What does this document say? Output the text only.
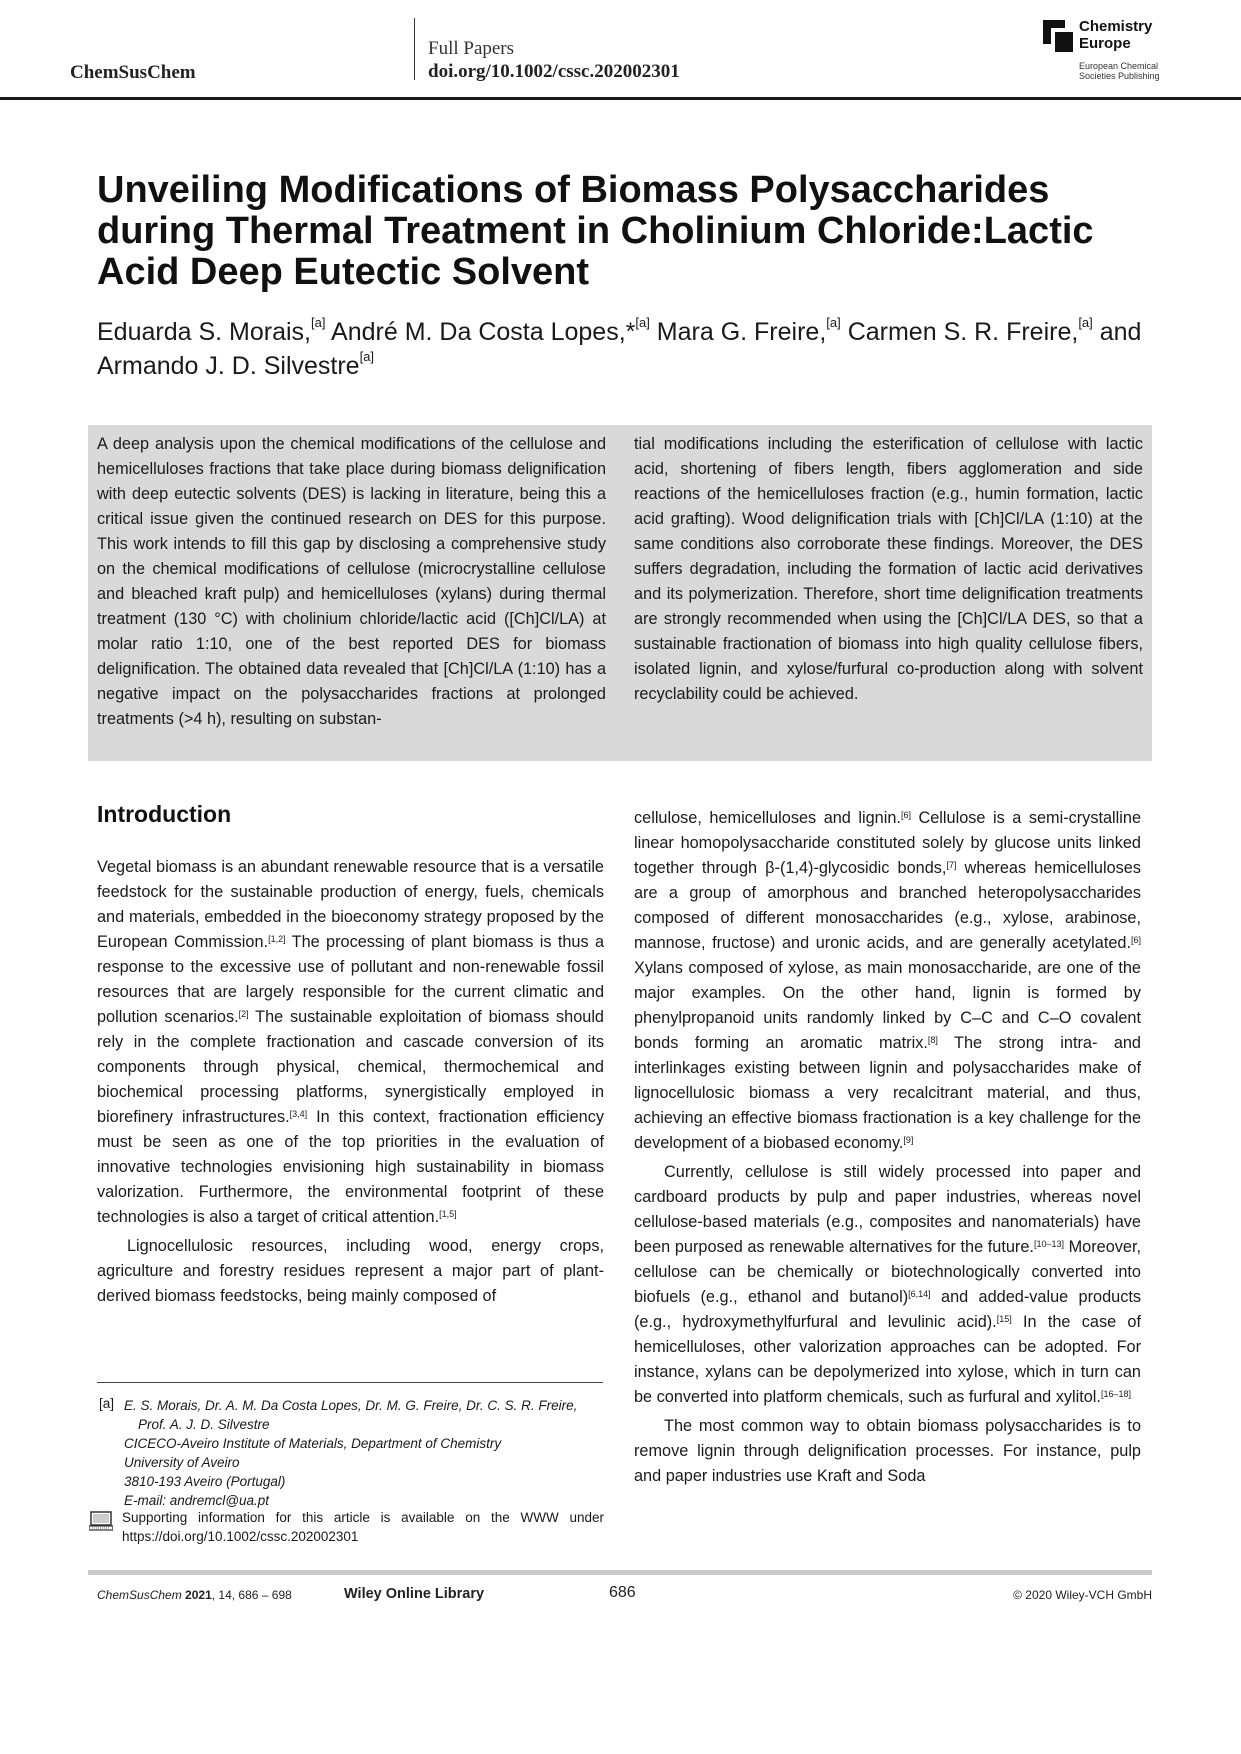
ChemSusChem
Full Papers
doi.org/10.1002/cssc.202002301
Chemistry
Europe
European Chemical
Societies Publishing
Unveiling Modifications of Biomass Polysaccharides during Thermal Treatment in Cholinium Chloride:Lactic Acid Deep Eutectic Solvent
Eduarda S. Morais,[a] André M. Da Costa Lopes,*[a] Mara G. Freire,[a] Carmen S. R. Freire,[a] and
Armando J. D. Silvestre[a]
A deep analysis upon the chemical modifications of the cellulose and hemicelluloses fractions that take place during biomass delignification with deep eutectic solvents (DES) is lacking in literature, being this a critical issue given the continued research on DES for this purpose. This work intends to fill this gap by disclosing a comprehensive study on the chemical modifications of cellulose (microcrystalline cellulose and bleached kraft pulp) and hemicelluloses (xylans) during thermal treatment (130 °C) with cholinium chloride/lactic acid ([Ch]Cl/LA) at molar ratio 1:10, one of the best reported DES for biomass delignification. The obtained data revealed that [Ch]Cl/LA (1:10) has a negative impact on the polysaccharides fractions at prolonged treatments (>4 h), resulting on substan-
tial modifications including the esterification of cellulose with lactic acid, shortening of fibers length, fibers agglomeration and side reactions of the hemicelluloses fraction (e.g., humin formation, lactic acid grafting). Wood delignification trials with [Ch]Cl/LA (1:10) at the same conditions also corroborate these findings. Moreover, the DES suffers degradation, including the formation of lactic acid derivatives and its polymerization. Therefore, short time delignification treatments are strongly recommended when using the [Ch]Cl/LA DES, so that a sustainable fractionation of biomass into high quality cellulose fibers, isolated lignin, and xylose/furfural co-production along with solvent recyclability could be achieved.
Introduction

Vegetal biomass is an abundant renewable resource that is a versatile feedstock for the sustainable production of energy, fuels, chemicals and materials, embedded in the bioeconomy strategy proposed by the European Commission.[1,2] The processing of plant biomass is thus a response to the excessive use of pollutant and non-renewable fossil resources that are largely responsible for the current climatic and pollution scenarios.[2] The sustainable exploitation of biomass should rely in the complete fractionation and cascade conversion of its components through physical, chemical, thermochemical and biochemical processing platforms, synergistically employed in biorefinery infrastructures.[3,4] In this context, fractionation efficiency must be seen as one of the top priorities in the evaluation of innovative technologies envisioning high sustainability in biomass valorization. Furthermore, the environmental footprint of these technologies is also a target of critical attention.[1,5]

Lignocellulosic resources, including wood, energy crops, agriculture and forestry residues represent a major part of plant-derived biomass feedstocks, being mainly composed of

cellulose, hemicelluloses and lignin.[6] Cellulose is a semi-crystalline linear homopolysaccharide constituted solely by glucose units linked together through β-(1,4)-glycosidic bonds,[7] whereas hemicelluloses are a group of amorphous and branched heteropolysaccharides composed of different monosaccharides (e.g., xylose, arabinose, mannose, fructose) and uronic acids, and are generally acetylated.[6] Xylans composed of xylose, as main monosaccharide, are one of the major examples. On the other hand, lignin is formed by phenylpropanoid units randomly linked by C–C and C–O covalent bonds forming an aromatic matrix.[8] The strong intra- and interlinkages existing between lignin and polysaccharides make of lignocellulosic biomass a very recalcitrant material, and thus, achieving an effective biomass fractionation is a key challenge for the development of a biobased economy.[9]

Currently, cellulose is still widely processed into paper and cardboard products by pulp and paper industries, whereas novel cellulose-based materials (e.g., composites and nanomaterials) have been purposed as renewable alternatives for the future.[10–13] Moreover, cellulose can be chemically or biotechnologically converted into biofuels (e.g., ethanol and butanol)[6,14] and added-value products (e.g., hydroxymethylfurfural and levulinic acid).[15] In the case of hemicelluloses, other valorization approaches can be adopted. For instance, xylans can be depolymerized into xylose, which in turn can be converted into platform chemicals, such as furfural and xylitol.[16–18]

The most common way to obtain biomass polysaccharides is to remove lignin through delignification processes. For instance, pulp and paper industries use Kraft and Soda

[a] E. S. Morais, Dr. A. M. Da Costa Lopes, Dr. M. G. Freire, Dr. C. S. R. Freire,
Prof. A. J. D. Silvestre
CICECO-Aveiro Institute of Materials, Department of Chemistry
University of Aveiro
3810-193 Aveiro (Portugal)
E-mail: andremcl@ua.pt
Supporting information for this article is available on the WWW under https://doi.org/10.1002/cssc.202002301
ChemSusChem 2021, 14, 686 – 698	Wiley Online Library	686	© 2020 Wiley-VCH GmbH
